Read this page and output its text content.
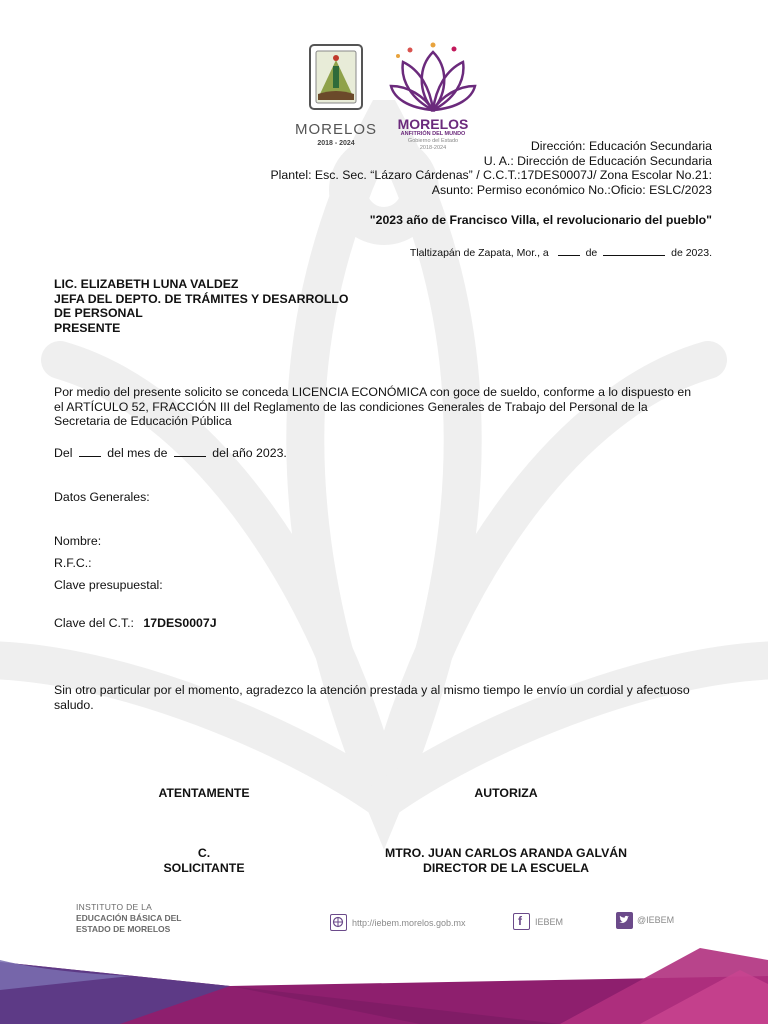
MORELOS
2018 - 2024
MORELOS
ANFITRIÓN DEL MUNDO
Gobierno del Estado
2018-2024	Dirección: Educación Secundaria
U. A.: Dirección de Educación Secundaria
Plantel: Esc. Sec. “Lázaro Cárdenas” / C.C.T.:17DES0007J/ Zona Escolar No.21:
Asunto: Permiso económico No.:Oficio: ESLC/2023
"2023 año de Francisco Villa, el revolucionario del pueblo"
Tlaltizapán de Zapata, Mor., a	de	de 2023.
LIC. ELIZABETH LUNA VALDEZ
JEFA DEL DEPTO. DE TRÁMITES Y DESARROLLO
DE PERSONAL
PRESENTE
Por medio del presente solicito se conceda LICENCIA ECONÓMICA con goce de sueldo, conforme a lo dispuesto en
el ARTÍCULO 52, FRACCIÓN III del Reglamento de las condiciones Generales de Trabajo del Personal de la
Secretaria de Educación Pública
Del	del mes de	del año 2023.
Datos Generales:
Nombre:
R.F.C.:
Clave presupuestal:
Clave del C.T.: 17DES0007J
Sin otro particular por el momento, agradezco la atención prestada y al mismo tiempo le envío un cordial y afectuoso
saludo.
ATENTAMENTE	AUTORIZA
C.
SOLICITANTE
MTRO. JUAN CARLOS ARANDA GALVÁN
DIRECTOR DE LA ESCUELA
INSTITUTO DE LA
EDUCACIÓN BÁSICA DEL
ESTADO DE MORELOS
http://iebem.morelos.gob.mx	f IEBEM	@IEBEM
